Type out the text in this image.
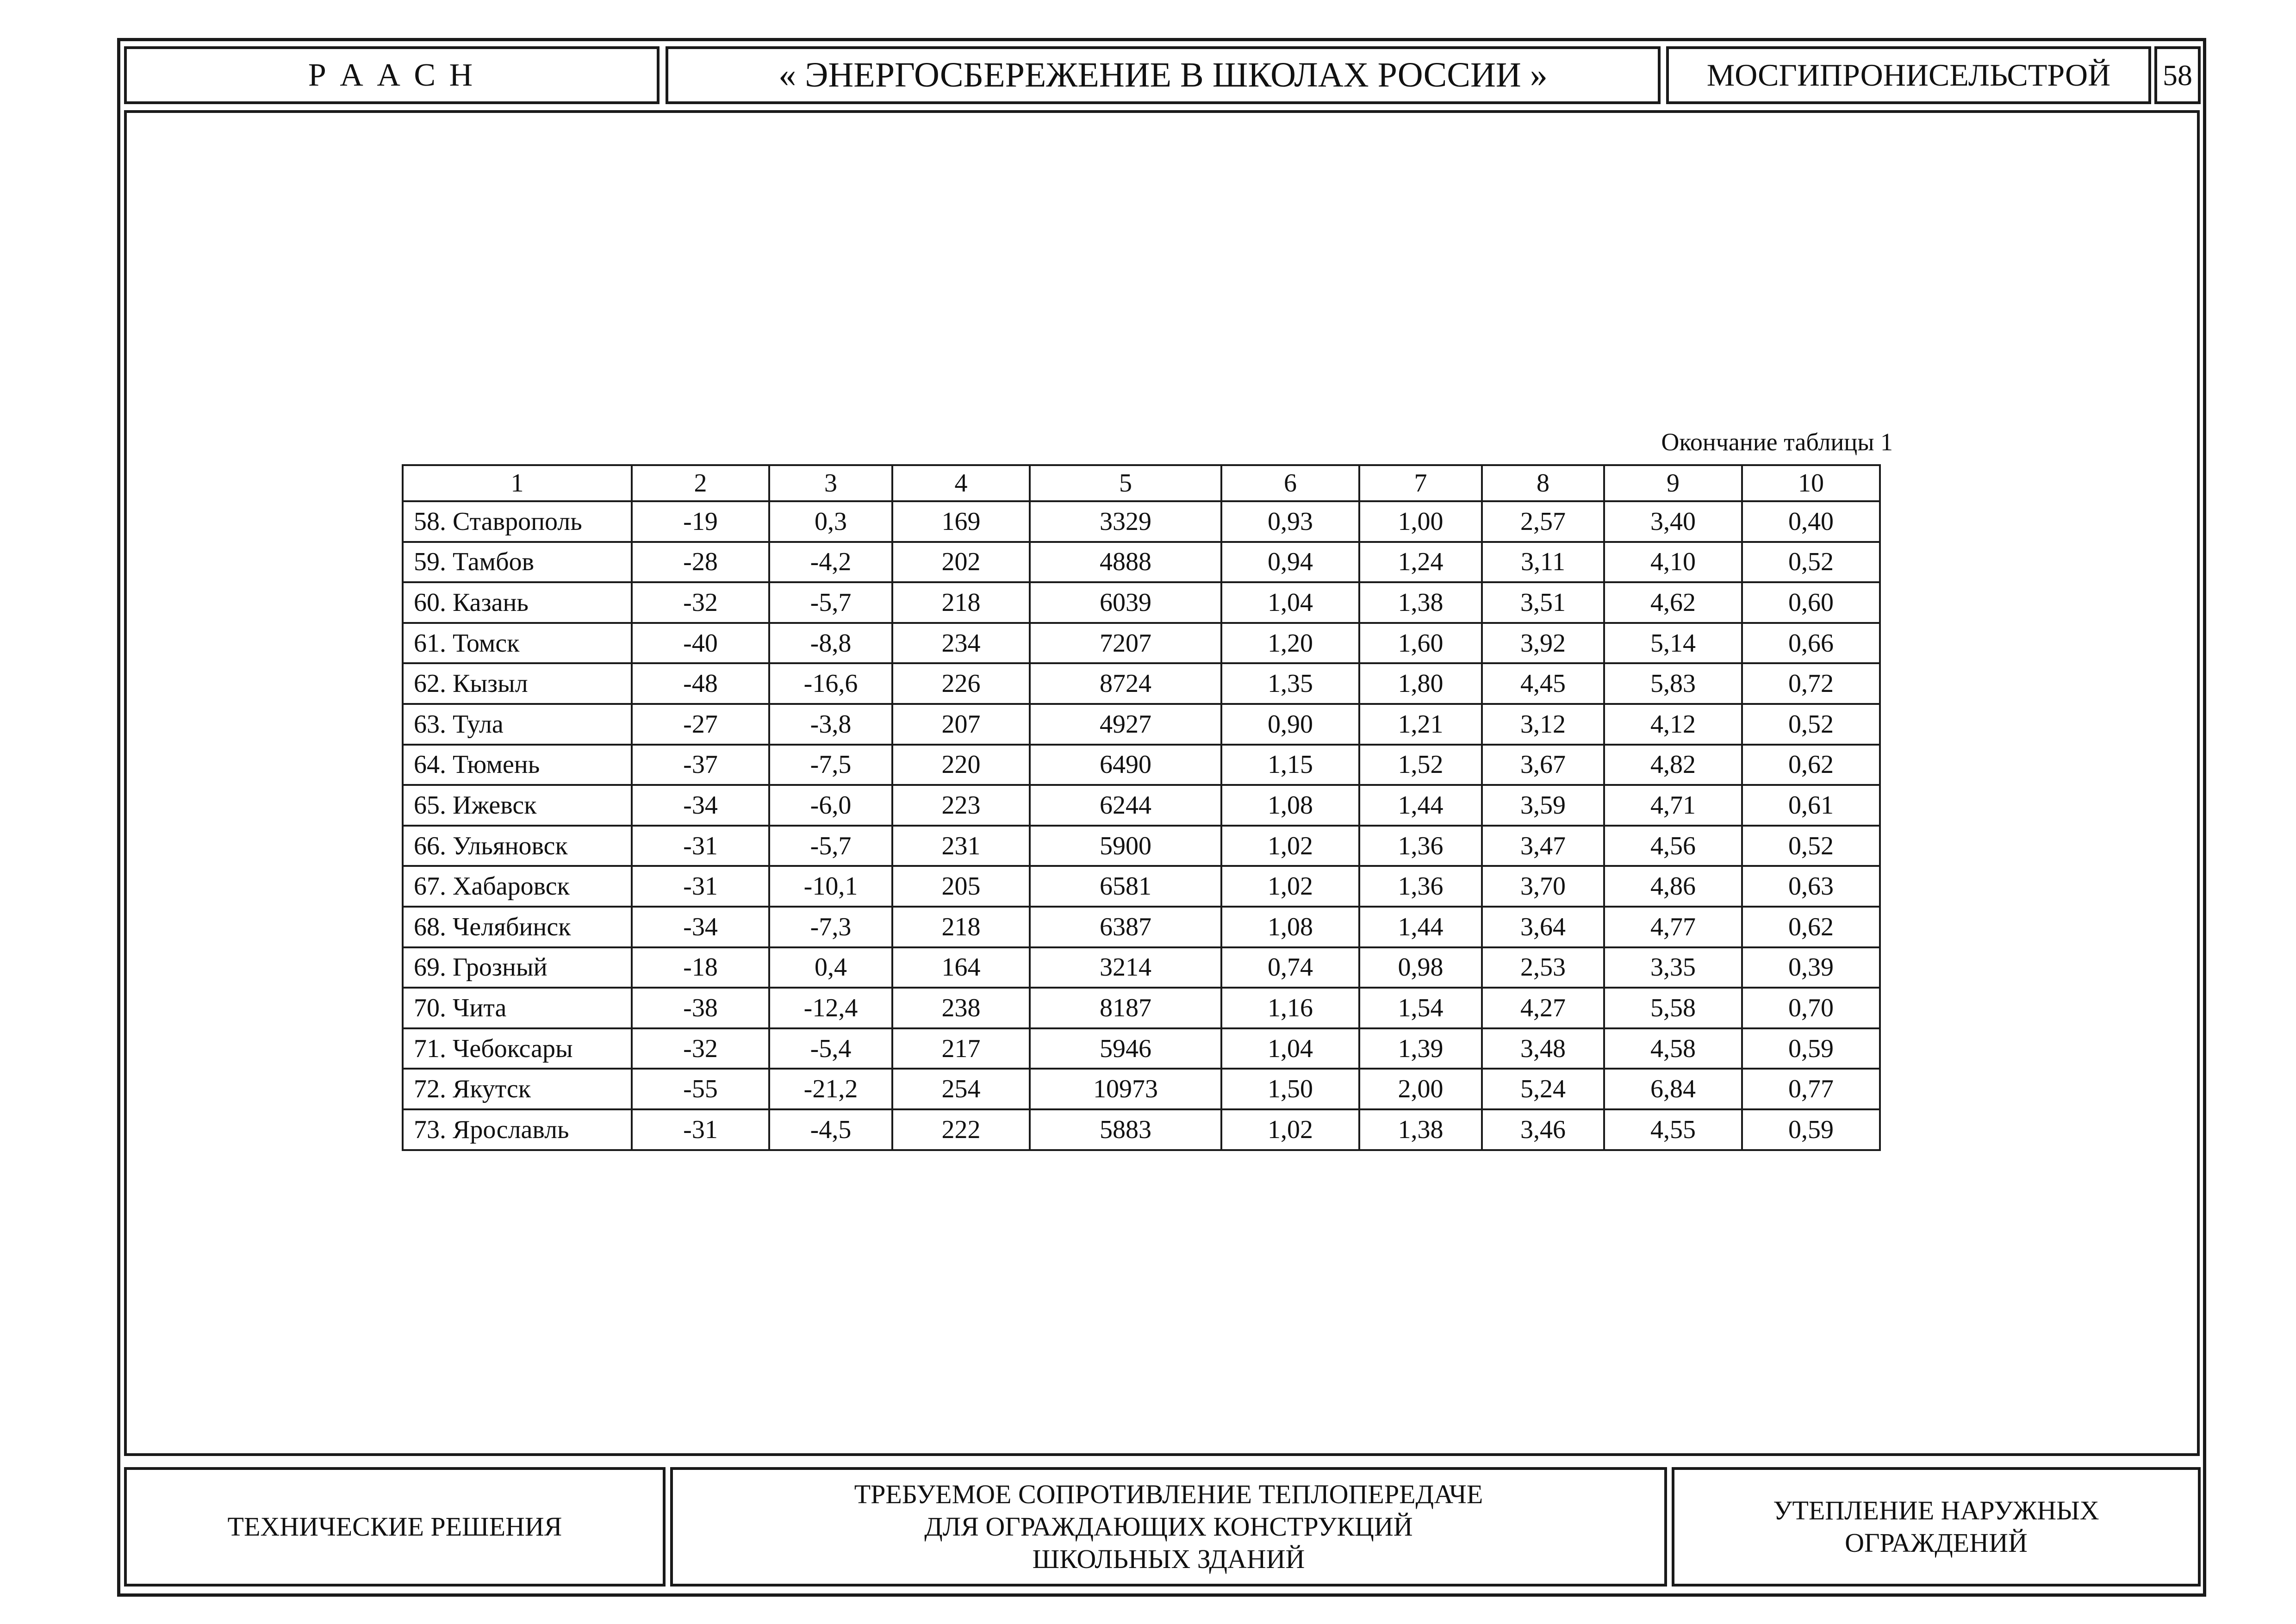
Р А А С Н	« ЭНЕРГОСБЕРЕЖЕНИЕ В ШКОЛАХ РОССИИ »	МОСГИПРОНИСЕЛЬСТРОЙ	58
Окончание таблицы 1
1	2	3	4	5	6	7	8	9	10
58. Ставрополь	-19	0,3	169	3329	0,93	1,00	2,57	3,40	0,40
59. Тамбов	-28	-4,2	202	4888	0,94	1,24	3,11	4,10	0,52
60. Казань	-32	-5,7	218	6039	1,04	1,38	3,51	4,62	0,60
61. Томск	-40	-8,8	234	7207	1,20	1,60	3,92	5,14	0,66
62. Кызыл	-48	-16,6	226	8724	1,35	1,80	4,45	5,83	0,72
63. Тула	-27	-3,8	207	4927	0,90	1,21	3,12	4,12	0,52
64. Тюмень	-37	-7,5	220	6490	1,15	1,52	3,67	4,82	0,62
65. Ижевск	-34	-6,0	223	6244	1,08	1,44	3,59	4,71	0,61
66. Ульяновск	-31	-5,7	231	5900	1,02	1,36	3,47	4,56	0,52
67. Хабаровск	-31	-10,1	205	6581	1,02	1,36	3,70	4,86	0,63
68. Челябинск	-34	-7,3	218	6387	1,08	1,44	3,64	4,77	0,62
69. Грозный	-18	0,4	164	3214	0,74	0,98	2,53	3,35	0,39
70. Чита	-38	-12,4	238	8187	1,16	1,54	4,27	5,58	0,70
71. Чебоксары	-32	-5,4	217	5946	1,04	1,39	3,48	4,58	0,59
72. Якутск	-55	-21,2	254	10973	1,50	2,00	5,24	6,84	0,77
73. Ярославль	-31	-4,5	222	5883	1,02	1,38	3,46	4,55	0,59
ТЕХНИЧЕСКИЕ РЕШЕНИЯ
ТРЕБУЕМОЕ СОПРОТИВЛЕНИЕ ТЕПЛОПЕРЕДАЧЕ
ДЛЯ ОГРАЖДАЮЩИХ КОНСТРУКЦИЙ
ШКОЛЬНЫХ ЗДАНИЙ
УТЕПЛЕНИЕ НАРУЖНЫХ
ОГРАЖДЕНИЙ
